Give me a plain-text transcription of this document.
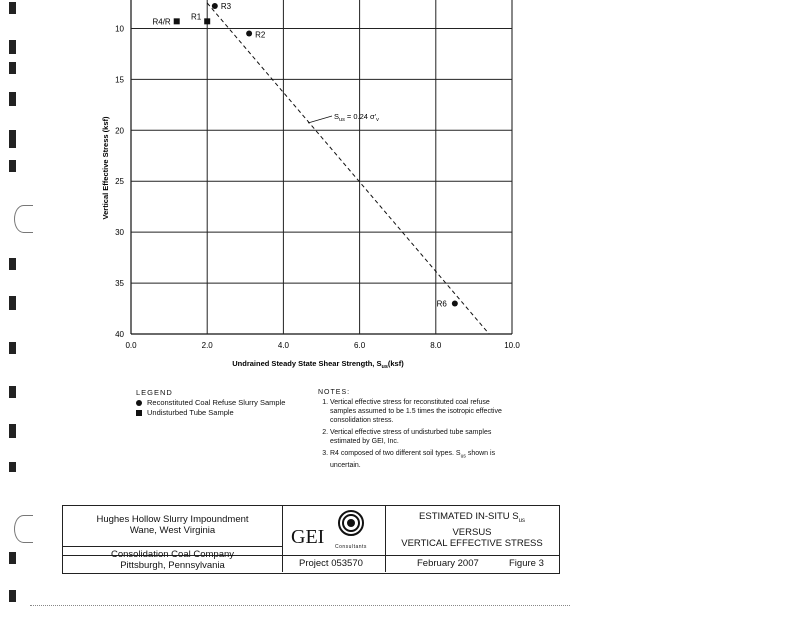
0.0	2.0	4.0	6.0	8.0	10.0
10
15
20
25
30
35
40
$S_{us} = 0.24$ $\sigma'_v$
R3
R2
R6
R4/R
R1
Vertical Effective Stress (ksf)
Undrained Steady State Shear Strength, $S_{us}(ksf)$
LEGEND
Reconstituted Coal Refuse Slurry Sample
Undisturbed Tube Sample
NOTES:
1. Vertical effective stress for reconstituted coal refuse samples assumed to be 1.5 times the isotropic effective consolidation stress.
2. Vertical effective stress of undisturbed tube samples estimated by GEI, Inc.
3. R4 composed of two different soil types. $S_{us}$ shown is uncertain.
Hughes Hollow Slurry Impoundment
Wane, West Virginia
Consolidation Coal Company
Pittsburgh, Pennsylvania
GEI Consultants
ESTIMATED IN-SITU $S_{us}$
VERSUS
VERTICAL EFFECTIVE STRESS
Project 053570	February 2007	Figure 3
